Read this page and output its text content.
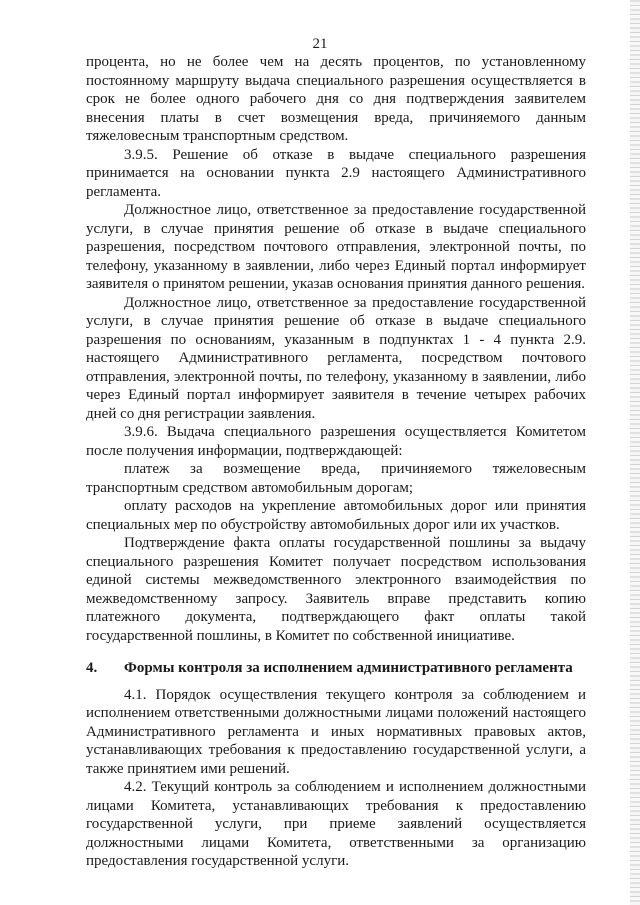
21

процента, но не более чем на десять процентов, по установленному постоянному маршруту выдача специального разрешения осуществляется в срок не более одного рабочего дня со дня подтверждения заявителем внесения платы в счет возмещения вреда, причиняемого данным тяжеловесным транспортным средством.

3.9.5. Решение об отказе в выдаче специального разрешения принимается на основании пункта 2.9 настоящего Административного регламента.

Должностное лицо, ответственное за предоставление государственной услуги, в случае принятия решение об отказе в выдаче специального разрешения, посредством почтового отправления, электронной почты, по телефону, указанному в заявлении, либо через Единый портал информирует заявителя о принятом решении, указав основания принятия данного решения.

Должностное лицо, ответственное за предоставление государственной услуги, в случае принятия решение об отказе в выдаче специального разрешения по основаниям, указанным в подпунктах 1 - 4 пункта 2.9. настоящего Административного регламента, посредством почтового отправления, электронной почты, по телефону, указанному в заявлении, либо через Единый портал информирует заявителя в течение четырех рабочих дней со дня регистрации заявления.

3.9.6. Выдача специального разрешения осуществляется Комитетом после получения информации, подтверждающей:

платеж за возмещение вреда, причиняемого тяжеловесным транспортным средством автомобильным дорогам;

оплату расходов на укрепление автомобильных дорог или принятия специальных мер по обустройству автомобильных дорог или их участков.

Подтверждение факта оплаты государственной пошлины за выдачу специального разрешения Комитет получает посредством использования единой системы межведомственного электронного взаимодействия по межведомственному запросу. Заявитель вправе представить копию платежного документа, подтверждающего факт оплаты такой государственной пошлины, в Комитет по собственной инициативе.

4.	Формы контроля за исполнением административного регламента

4.1. Порядок осуществления текущего контроля за соблюдением и исполнением ответственными должностными лицами положений настоящего Административного регламента и иных нормативных правовых актов, устанавливающих требования к предоставлению государственной услуги, а также принятием ими решений.

4.2. Текущий контроль за соблюдением и исполнением должностными лицами Комитета, устанавливающих требования к предоставлению государственной услуги, при приеме заявлений осуществляется должностными лицами Комитета, ответственными за организацию предоставления государственной услуги.
